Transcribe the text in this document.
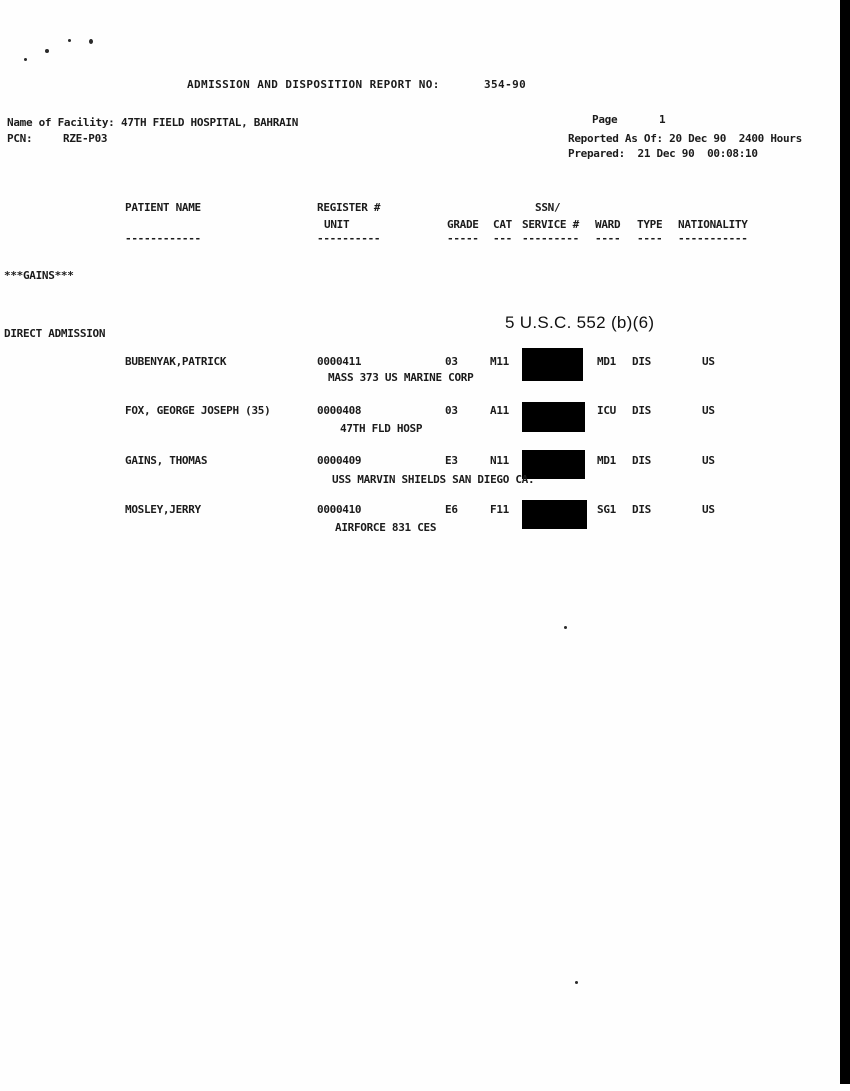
ADMISSION AND DISPOSITION REPORT NO:	354-90
Name of Facility: 47TH FIELD HOSPITAL, BAHRAIN
PCN:	RZE-P03
Page	1
Reported As Of: 20 Dec 90  2400 Hours
Prepared:  21 Dec 90  00:08:10
PATIENT NAME	REGISTER #	SSN/
UNIT	GRADE CAT SERVICE # WARD TYPE NATIONALITY
------------	----------	----- --- --------- ---- ---- -----------
***GAINS***
DIRECT ADMISSION
5 U.S.C. 552 (b)(6)
BUBENYAK,PATRICK	0000411	03	M11	MD1 DIS	US
MASS 373 US MARINE CORP
FOX, GEORGE JOSEPH (35)	0000408	03	A11	ICU DIS	US
47TH FLD HOSP
GAINS, THOMAS	0000409	E3	N11	MD1 DIS	US
USS MARVIN SHIELDS SAN DIEGO CA.
MOSLEY,JERRY	0000410	E6	F11	SG1 DIS	US
AIRFORCE 831 CES
